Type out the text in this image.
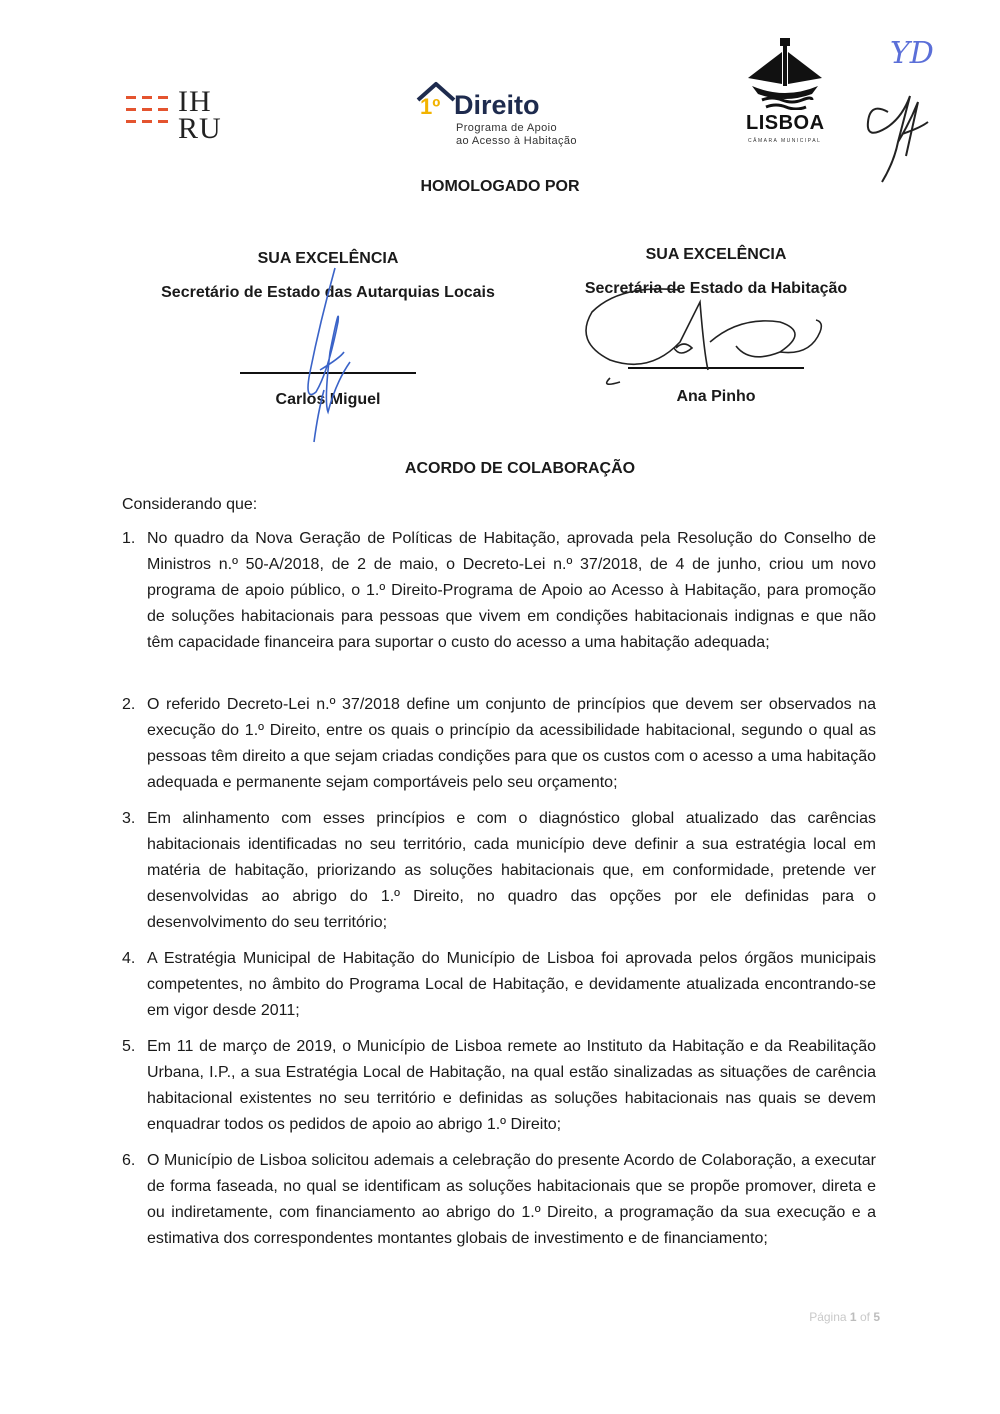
IH
RU
1º Direito
Programa de Apoio
ao Acesso à Habitação
LISBOA
CÂMARA MUNICIPAL
YD
HOMOLOGADO POR
SUA EXCELÊNCIA
Secretário de Estado das Autarquias Locais
Carlos Miguel
SUA EXCELÊNCIA
Secretária de Estado da Habitação
Ana Pinho
ACORDO DE COLABORAÇÃO
Considerando que:
1. No quadro da Nova Geração de Políticas de Habitação, aprovada pela Resolução do Conselho de Ministros n.º 50-A/2018, de 2 de maio, o Decreto-Lei n.º 37/2018, de 4 de junho, criou um novo programa de apoio público, o 1.º Direito-Programa de Apoio ao Acesso à Habitação, para promoção de soluções habitacionais para pessoas que vivem em condições habitacionais indignas e que não têm capacidade financeira para suportar o custo do acesso a uma habitação adequada;
2. O referido Decreto-Lei n.º 37/2018 define um conjunto de princípios que devem ser observados na execução do 1.º Direito, entre os quais o princípio da acessibilidade habitacional, segundo o qual as pessoas têm direito a que sejam criadas condições para que os custos com o acesso a uma habitação adequada e permanente sejam comportáveis pelo seu orçamento;
3. Em alinhamento com esses princípios e com o diagnóstico global atualizado das carências habitacionais identificadas no seu território, cada município deve definir a sua estratégia local em matéria de habitação, priorizando as soluções habitacionais que, em conformidade, pretende ver desenvolvidas ao abrigo do 1.º Direito, no quadro das opções por ele definidas para o desenvolvimento do seu território;
4. A Estratégia Municipal de Habitação do Município de Lisboa foi aprovada pelos órgãos municipais competentes, no âmbito do Programa Local de Habitação, e devidamente atualizada encontrando-se em vigor desde 2011;
5. Em 11 de março de 2019, o Município de Lisboa remete ao Instituto da Habitação e da Reabilitação Urbana, I.P., a sua Estratégia Local de Habitação, na qual estão sinalizadas as situações de carência habitacional existentes no seu território e definidas as soluções habitacionais nas quais se devem enquadrar todos os pedidos de apoio ao abrigo 1.º Direito;
6. O Município de Lisboa solicitou ademais a celebração do presente Acordo de Colaboração, a executar de forma faseada, no qual se identificam as soluções habitacionais que se propõe promover, direta e ou indiretamente, com financiamento ao abrigo do 1.º Direito, a programação da sua execução e a estimativa dos correspondentes montantes globais de investimento e de financiamento;
Página 1 of 5
